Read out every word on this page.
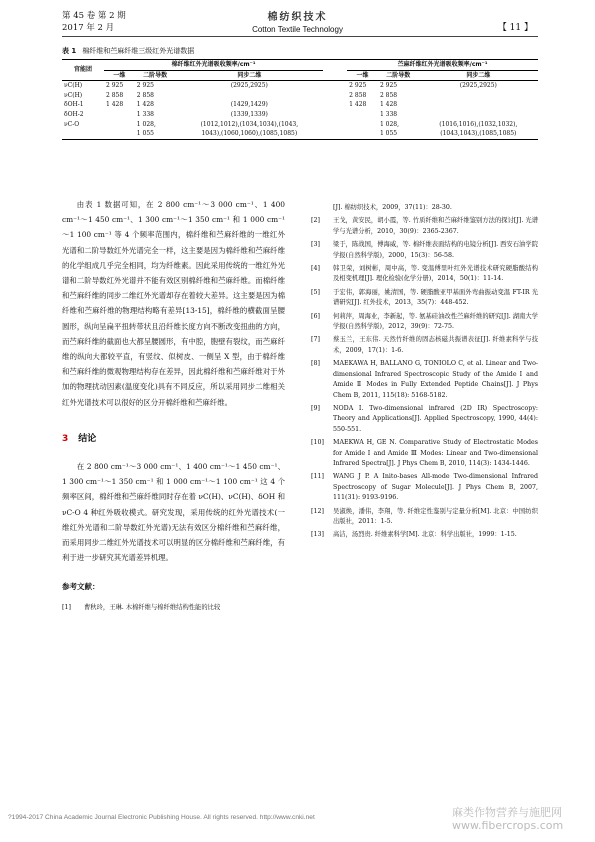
第 45 卷 第 2 期
2017 年 2 月
棉纺织技术
Cotton Textile Technology	【 11 】
表 1 棉纤维和苎麻纤维三级红外光谱数据
官能团	棉纤维红外光谱吸收频率/cm⁻¹				苎麻纤维红外光谱吸收频率/cm⁻¹		
	一维	二阶导数	同步二维		一维	二阶导数	同步二维
νC(H)	2 925	2 925	(2925,2925)		2 925	2 925	(2925,2925)
νC(H)	2 858	2 858			2 858	2 858	
δOH-1	1 428	1 428	(1429,1429)		1 428	1 428	
δOH-2		1 338	(1339,1339)			1 338	
νC-O		1 028,	(1012,1012),(1034,1034),(1043,			1 028,	(1016,1016),(1032,1032),
		1 055	1043),(1060,1060),(1085,1085)			1 055	(1043,1043),(1085,1085)

由表 1 数据可知，在 2 800 cm⁻¹～3 000 cm⁻¹、1 400 cm⁻¹～1 450 cm⁻¹、1 300 cm⁻¹～1 350 cm⁻¹ 和 1 000 cm⁻¹～1 100 cm⁻¹ 等 4 个频率范围内，棉纤维和苎麻纤维的一维红外光谱和二阶导数红外光谱完全一样，这主要是因为棉纤维和苎麻纤维的化学组成几乎完全相同，均为纤维素。因此采用传统的一维红外光谱和二阶导数红外光谱并不能有效区别棉纤维和苎麻纤维。而棉纤维和苎麻纤维的同步二维红外光谱却存在着较大差异。这主要是因为棉纤维和苎麻纤维的物理结构略有差异[13-15]，棉纤维的横截面呈腰圆形，纵向呈扁平扭转带状且沿纤维长度方向不断改变扭曲的方向，而苎麻纤维的截面也大都呈腰圆形，有中腔，胞壁有裂纹，而苎麻纤维的纵向大都较平直，有竖纹、似树皮、一侧呈 X 型，由于棉纤维和苎麻纤维的微观物理结构存在差异，因此棉纤维和苎麻纤维对于外加的物理扰动因素(温度变化)具有不同反应，所以采用同步二维相关红外光谱技术可以很好的区分开棉纤维和苎麻纤维。

3 结论

在 2 800 cm⁻¹～3 000 cm⁻¹、1 400 cm⁻¹～1 450 cm⁻¹、1 300 cm⁻¹～1 350 cm⁻¹ 和 1 000 cm⁻¹～1 100 cm⁻¹ 这 4 个频率区间，棉纤维和苎麻纤维同时存在着 νC(H)、νC(H)、δOH 和 νC-O 4 种红外吸收模式。研究发现，采用传统的红外光谱技术(一维红外光谱和二阶导数红外光谱)无法有效区分棉纤维和苎麻纤维，而采用同步二维红外光谱技术可以明显的区分棉纤维和苎麻纤维，有利于进一步研究其光谱差异机理。

参考文献：
[1]	曹秋玲，王琳. 木棉纤维与棉纤维结构性能的比较
[J]. 棉纺织技术，2009，37(11)：28-30.
[2]	王戈，黄安民，胡小霞，等. 竹质纤维和苎麻纤维鉴别方法的探讨[J]. 光谱学与光谱分析，2010，30(9)：2365-2367.
[3]	梁于，陈战国，傅海威，等. 棉纤维表面结构的电镜分析[J]. 西安石油学院学报(自然科学版)，2000，15(3)：56-58.
[4]	韩卫荣，刘树彬，周中高，等. 变温傅里叶红外光谱技术研究硬脂酸结构及相变机理[J]. 理化检验(化学分册)，2014，50(1)：11-14.
[5]	于宏伟，郭海丽，姚清国，等. 硬脂酸亚甲基面外弯曲振动变温 FT-IR 光谱研究[J]. 红外技术，2013，35(7)：448-452.
[6]	何莉萍，周海业，李新起，等. 氨基硅油改性苎麻纤维的研究[J]. 湖南大学学报(自然科学版)，2012，39(9)：72-75.
[7]	蔡玉兰，王东伟. 天然竹纤维的固态核磁共振谱表征[J]. 纤维素科学与技术，2009，17(1)：1-6.
[8]	MAEKAWA H, BALLANO G, TONIOLO C, et al. Linear and Two-dimensional Infrared Spectroscopic Study of the Amide Ⅰ and Amide Ⅱ Modes in Fully Extended Peptide Chains[J]. J Phys Chem B, 2011, 115(18): 5168-5182.
[9]	NODA I. Two-dimensional infrared (2D IR) Spectroscopy: Theory and Applications[J]. Applied Spectroscopy, 1990, 44(4): 550-551.
[10]	MAEKWA H, GE N. Comparative Study of Electrostatic Modes for Amide Ⅰ and Amide Ⅲ Modes: Linear and Two-dimensional Infrared Spectra[J]. J Phys Chem B, 2010, 114(3): 1434-1446.
[11]	WANG J P. A Inito-bases All-mode Two-dimensional Infrared Spectroscopy of Sugar Molecule[J]. J Phys Chem B, 2007, 111(31): 9193-9196.
[12]	吴淑焕，潘伟，李翔，等. 纤维定性鉴别与定量分析[M]. 北京：中国纺织出版社，2011：1-5.
[13]	高洁，汤烈贵. 纤维素科学[M]. 北京：科学出版社，1999：1-15.
?1994-2017 China Academic Journal Electronic Publishing House. All rights reserved. http://www.cnki.net	麻类作物营养与施肥网
www.fibercrops.com
